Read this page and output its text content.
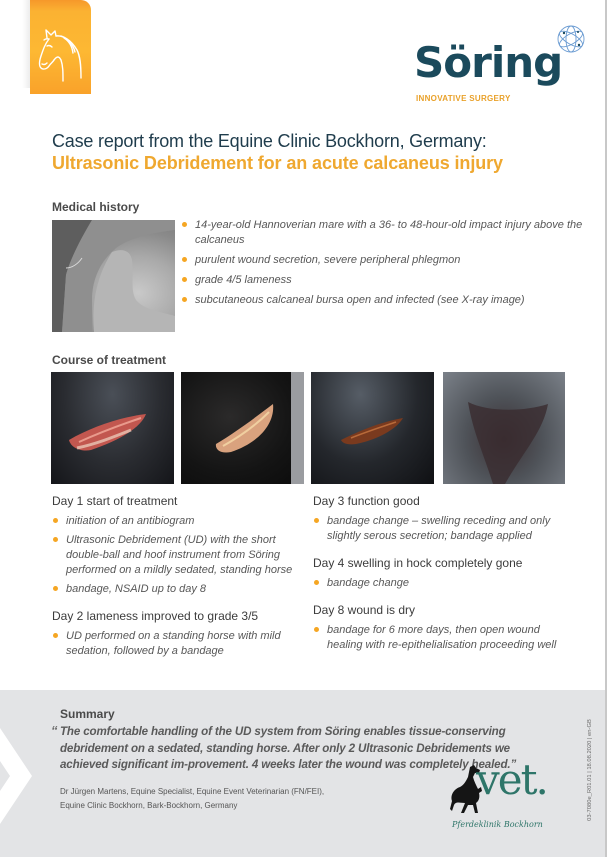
Söring
INNOVATIVE SURGERY
Case report from the Equine Clinic Bockhorn, Germany:
Ultrasonic Debridement for an acute calcaneus injury
Medical history
14-year-old Hannoverian mare with a 36- to 48-hour-old impact injury above the calcaneus
purulent wound secretion, severe peripheral phlegmon
grade 4/5 lameness
subcutaneous calcaneal bursa open and infected (see X-ray image)
Course of treatment
Day 1 start of treatment
initiation of an antibiogram
Ultrasonic Debridement (UD) with the short double-ball and hoof instrument from Söring performed on a mildly sedated, standing horse
bandage, NSAID up to day 8
Day 2 lameness improved to grade 3/5
UD performed on a standing horse with mild sedation, followed by a bandage
Day 3 function good
bandage change – swelling receding and only slightly serous secretion; bandage applied
Day 4 swelling in hock completely gone
bandage change
Day 8 wound is dry
bandage for 6 more days, then open wound healing with re-epithelialisation proceeding well
Summary
“ The comfortable handling of the UD system from Söring enables tissue-conserving debridement on a sedated, standing horse. After only 2 Ultrasonic Debridements we achieved significant im-provement. 4 weeks later the wound was completely healed.”
Dr Jürgen Martens, Equine Specialist, Equine Event Veterinarian (FN/FEI),
Equine Clinic Bockhorn, Bark-Bockhorn, Germany
vet.
Pferdeklinik Bockhorn
03-7080e_R01.01 | 18.08.2020 | en-GB
